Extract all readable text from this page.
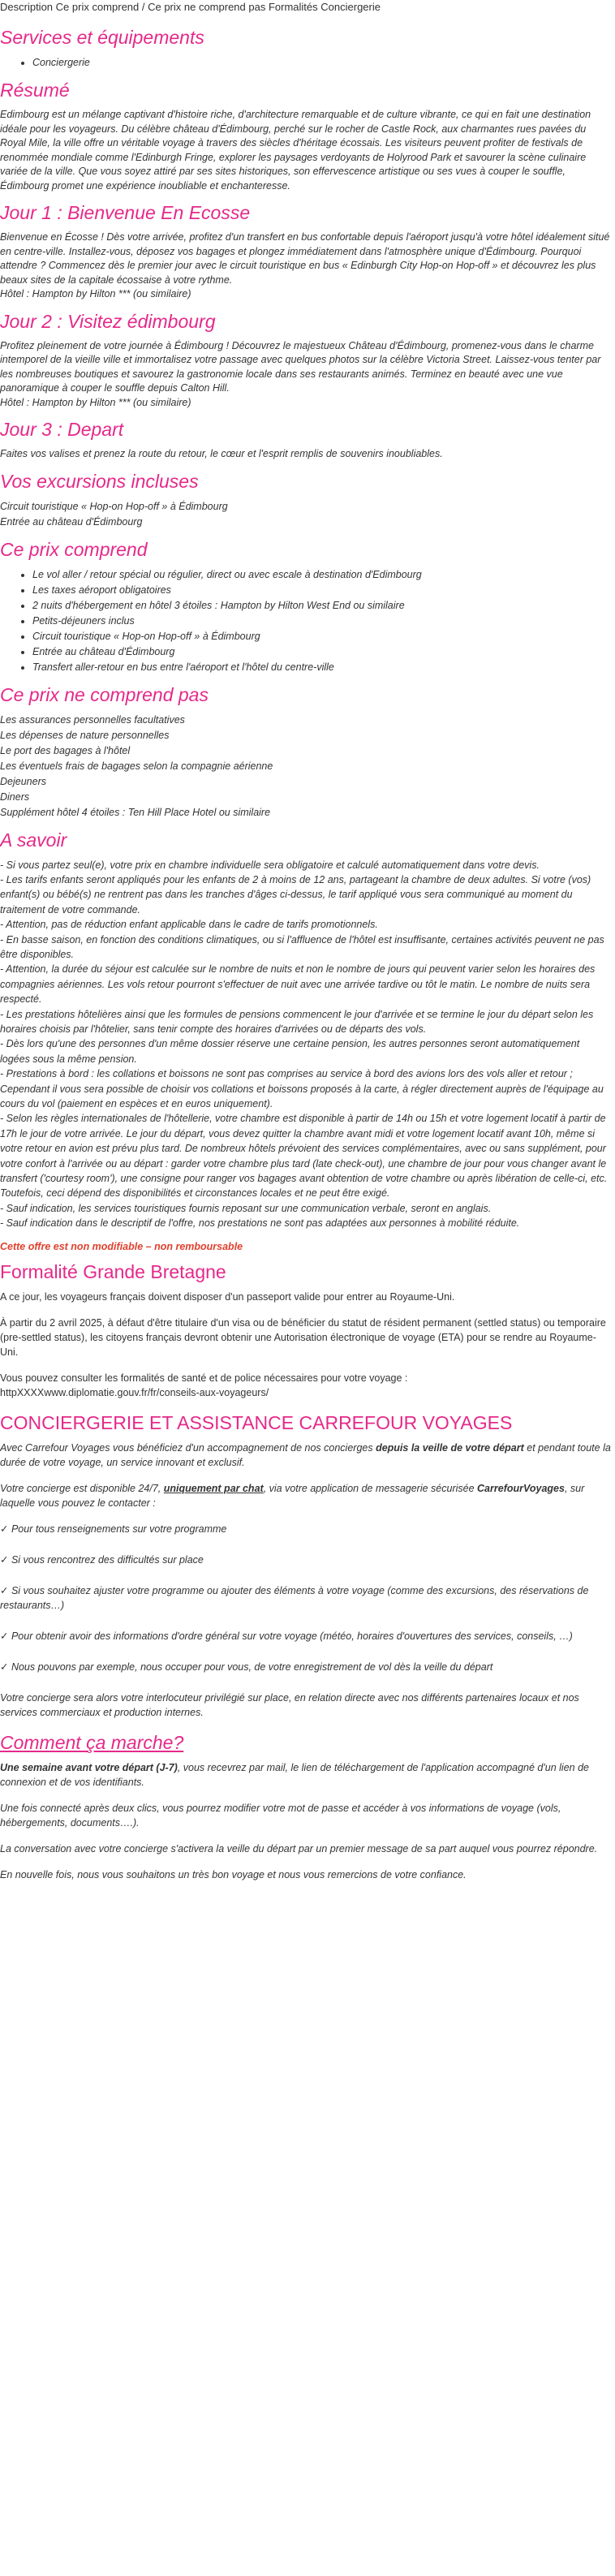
Description Ce prix comprend / Ce prix ne comprend pas Formalités Conciergerie
Services et équipements
• Conciergerie
Résumé

Edimbourg est un mélange captivant d'histoire riche, d'architecture remarquable et de culture vibrante, ce qui en fait une destination idéale pour les voyageurs. Du célèbre château d'Édimbourg, perché sur le rocher de Castle Rock, aux charmantes rues pavées du Royal Mile, la ville offre un véritable voyage à travers des siècles d'héritage écossais. Les visiteurs peuvent profiter de festivals de renommée mondiale comme l'Edinburgh Fringe, explorer les paysages verdoyants de Holyrood Park et savourer la scène culinaire variée de la ville. Que vous soyez attiré par ses sites historiques, son effervescence artistique ou ses vues à couper le souffle, Édimbourg promet une expérience inoubliable et enchanteresse.

Jour 1 : Bienvenue En Ecosse

Bienvenue en Écosse ! Dès votre arrivée, profitez d'un transfert en bus confortable depuis l'aéroport jusqu'à votre hôtel idéalement situé en centre-ville. Installez-vous, déposez vos bagages et plongez immédiatement dans l'atmosphère unique d'Édimbourg. Pourquoi attendre ? Commencez dès le premier jour avec le circuit touristique en bus « Edinburgh City Hop-on Hop-off » et découvrez les plus beaux sites de la capitale écossaise à votre rythme.
Hôtel : Hampton by Hilton *** (ou similaire)

Jour 2 : Visitez édimbourg

Profitez pleinement de votre journée à Édimbourg ! Découvrez le majestueux Château d'Édimbourg, promenez-vous dans le charme intemporel de la vieille ville et immortalisez votre passage avec quelques photos sur la célèbre Victoria Street. Laissez-vous tenter par les nombreuses boutiques et savourez la gastronomie locale dans ses restaurants animés. Terminez en beauté avec une vue panoramique à couper le souffle depuis Calton Hill.
Hôtel : Hampton by Hilton *** (ou similaire)

Jour 3 : Depart

Faites vos valises et prenez la route du retour, le cœur et l'esprit remplis de souvenirs inoubliables.

Vos excursions incluses
Circuit touristique « Hop-on Hop-off » à Édimbourg
Entrée au château d'Édimbourg
Ce prix comprend
• Le vol aller / retour spécial ou régulier, direct ou avec escale à destination d'Edimbourg
• Les taxes aéroport obligatoires
• 2 nuits d'hébergement en hôtel 3 étoiles : Hampton by Hilton West End ou similaire
• Petits-déjeuners inclus
• Circuit touristique « Hop-on Hop-off » à Édimbourg
• Entrée au château d'Édimbourg
• Transfert aller-retour en bus entre l'aéroport et l'hôtel du centre-ville
Ce prix ne comprend pas
Les assurances personnelles facultatives
Les dépenses de nature personnelles
Le port des bagages à l'hôtel
Les éventuels frais de bagages selon la compagnie aérienne
Dejeuners
Diners
Supplément hôtel 4 étoiles : Ten Hill Place Hotel ou similaire
A savoir
- Si vous partez seul(e), votre prix en chambre individuelle sera obligatoire et calculé automatiquement dans votre devis.
- Les tarifs enfants seront appliqués pour les enfants de 2 à moins de 12 ans, partageant la chambre de deux adultes. Si votre (vos) enfant(s) ou bébé(s) ne rentrent pas dans les tranches d'âges ci-dessus, le tarif appliqué vous sera communiqué au moment du traitement de votre commande.
- Attention, pas de réduction enfant applicable dans le cadre de tarifs promotionnels.
- En basse saison, en fonction des conditions climatiques, ou si l'affluence de l'hôtel est insuffisante, certaines activités peuvent ne pas être disponibles.
- Attention, la durée du séjour est calculée sur le nombre de nuits et non le nombre de jours qui peuvent varier selon les horaires des compagnies aériennes. Les vols retour pourront s'effectuer de nuit avec une arrivée tardive ou tôt le matin. Le nombre de nuits sera respecté.
- Les prestations hôtelières ainsi que les formules de pensions commencent le jour d'arrivée et se termine le jour du départ selon les horaires choisis par l'hôtelier, sans tenir compte des horaires d'arrivées ou de départs des vols.
- Dès lors qu'une des personnes d'un même dossier réserve une certaine pension, les autres personnes seront automatiquement logées sous la même pension.
- Prestations à bord : les collations et boissons ne sont pas comprises au service à bord des avions lors des vols aller et retour ; Cependant il vous sera possible de choisir vos collations et boissons proposés à la carte, à régler directement auprès de l'équipage au cours du vol (paiement en espèces et en euros uniquement).
- Selon les règles internationales de l'hôtellerie, votre chambre est disponible à partir de 14h ou 15h et votre logement locatif à partir de 17h le jour de votre arrivée. Le jour du départ, vous devez quitter la chambre avant midi et votre logement locatif avant 10h, même si votre retour en avion est prévu plus tard. De nombreux hôtels prévoient des services complémentaires, avec ou sans supplément, pour votre confort à l'arrivée ou au départ : garder votre chambre plus tard (late check-out), une chambre de jour pour vous changer avant le transfert ('courtesy room'), une consigne pour ranger vos bagages avant obtention de votre chambre ou après libération de celle-ci, etc. Toutefois, ceci dépend des disponibilités et circonstances locales et ne peut être exigé.
- Sauf indication, les services touristiques fournis reposant sur une communication verbale, seront en anglais.
- Sauf indication dans le descriptif de l'offre, nos prestations ne sont pas adaptées aux personnes à mobilité réduite.

Cette offre est non modifiable – non remboursable

Formalité Grande Bretagne

A ce jour, les voyageurs français doivent disposer d'un passeport valide pour entrer au Royaume-Uni.

À partir du 2 avril 2025, à défaut d'être titulaire d'un visa ou de bénéficier du statut de résident permanent (settled status) ou temporaire (pre-settled status), les citoyens français devront obtenir une Autorisation électronique de voyage (ETA) pour se rendre au Royaume-Uni.

Vous pouvez consulter les formalités de santé et de police nécessaires pour votre voyage :
httpXXXXwww.diplomatie.gouv.fr/fr/conseils-aux-voyageurs/

CONCIERGERIE ET ASSISTANCE CARREFOUR VOYAGES

Avec Carrefour Voyages vous bénéficiez d'un accompagnement de nos concierges depuis la veille de votre départ et pendant toute la durée de votre voyage, un service innovant et exclusif.

Votre concierge est disponible 24/7, uniquement par chat, via votre application de messagerie sécurisée CarrefourVoyages, sur laquelle vous pouvez le contacter :

✓ Pour tous renseignements sur votre programme

✓ Si vous rencontrez des difficultés sur place

✓ Si vous souhaitez ajuster votre programme ou ajouter des éléments à votre voyage (comme des excursions, des réservations de restaurants…)

✓ Pour obtenir avoir des informations d'ordre général sur votre voyage (météo, horaires d'ouvertures des services, conseils, …)

✓ Nous pouvons par exemple, nous occuper pour vous, de votre enregistrement de vol dès la veille du départ

Votre concierge sera alors votre interlocuteur privilégié sur place, en relation directe avec nos différents partenaires locaux et nos services commerciaux et production internes.

Comment ça marche?

Une semaine avant votre départ (J-7), vous recevrez par mail, le lien de téléchargement de l'application accompagné d'un lien de connexion et de vos identifiants.

Une fois connecté après deux clics, vous pourrez modifier votre mot de passe et accéder à vos informations de voyage (vols, hébergements, documents….).

La conversation avec votre concierge s'activera la veille du départ par un premier message de sa part auquel vous pourrez répondre.

En nouvelle fois, nous vous souhaitons un très bon voyage et nous vous remercions de votre confiance.
